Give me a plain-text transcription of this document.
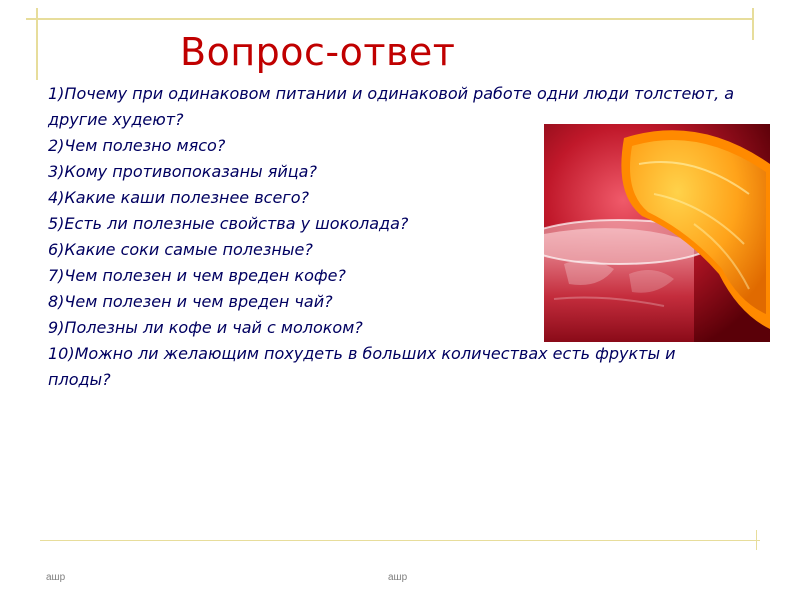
Вопрос-ответ
1)Почему при одинаковом питании и одинаковой работе одни люди толстеют, а другие худеют?
2)Чем полезно мясо?
3)Кому противопоказаны яйца?
4)Какие каши полезнее всего?
5)Есть ли полезные свойства у шоколада?
6)Какие соки самые полезные?
7)Чем полезен и чем вреден кофе?
8)Чем полезен и чем вреден чай?
9)Полезны ли кофе и чай с молоком?
10)Можно ли желающим похудеть в больших количествах есть фрукты и плоды?
ашр	ашр
